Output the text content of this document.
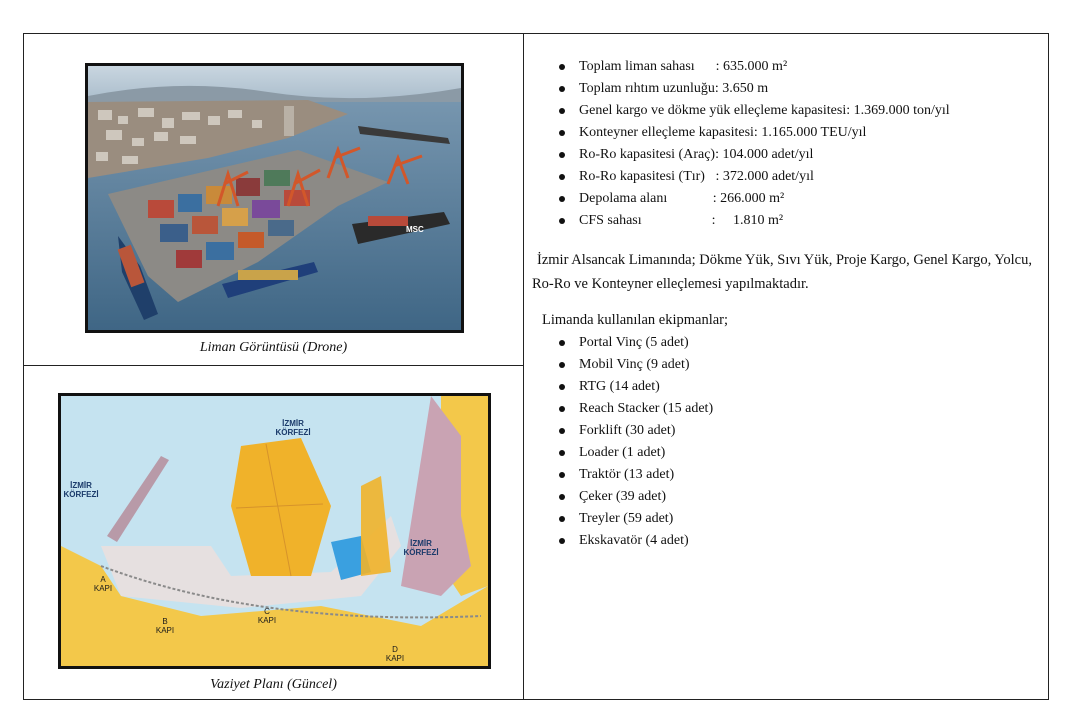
MSC
Liman Görüntüsü (Drone)
İZMİR
KÖRFEZİ
İZMİR
KÖRFEZİ
İZMİR
KÖRFEZİ
A
KAPI
B
KAPI
C
KAPI
D
KAPI
Vaziyet Planı (Güncel)
Toplam liman sahası      : 635.000 m²
Toplam rıhtım uzunluğu: 3.650 m
Genel kargo ve dökme yük elleçleme kapasitesi: 1.369.000 ton/yıl
Konteyner elleçleme kapasitesi: 1.165.000 TEU/yıl
Ro-Ro kapasitesi (Araç): 104.000 adet/yıl
Ro-Ro kapasitesi (Tır)   : 372.000 adet/yıl
Depolama alanı             : 266.000 m²
CFS sahası                    :     1.810 m²
İzmir Alsancak Limanında; Dökme Yük, Sıvı Yük, Proje Kargo, Genel Kargo, Yolcu, Ro-Ro ve Konteyner elleçlemesi yapılmaktadır.
Limanda kullanılan ekipmanlar;
Portal Vinç (5 adet)
Mobil Vinç (9 adet)
RTG (14 adet)
Reach Stacker (15 adet)
Forklift (30 adet)
Loader (1 adet)
Traktör (13 adet)
Çeker (39 adet)
Treyler (59 adet)
Ekskavatör (4 adet)
